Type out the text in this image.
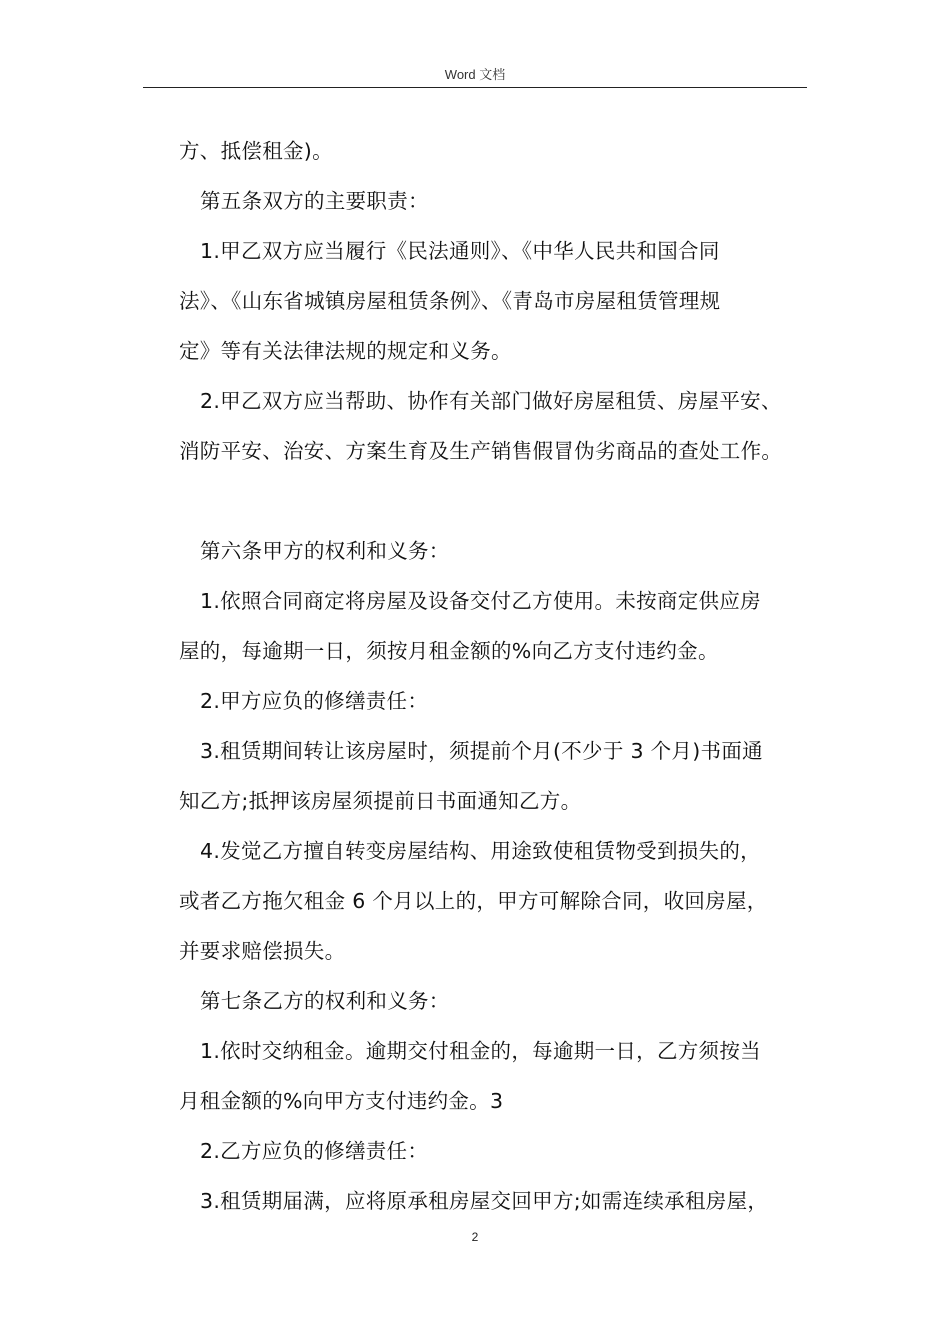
Word 文档
方、抵偿租金)。
第五条双方的主要职责：
1.甲乙双方应当履行《民法通则》、《中华人民共和国合同
法》、《山东省城镇房屋租赁条例》、《青岛市房屋租赁管理规
定》等有关法律法规的规定和义务。
2.甲乙双方应当帮助、协作有关部门做好房屋租赁、房屋平安、
消防平安、治安、方案生育及生产销售假冒伪劣商品的查处工作。
第六条甲方的权利和义务：
1.依照合同商定将房屋及设备交付乙方使用。未按商定供应房
屋的，每逾期一日，须按月租金额的%向乙方支付违约金。
2.甲方应负的修缮责任：
3.租赁期间转让该房屋时，须提前个月(不少于 3 个月)书面通
知乙方;抵押该房屋须提前日书面通知乙方。
4.发觉乙方擅自转变房屋结构、用途致使租赁物受到损失的，
或者乙方拖欠租金 6 个月以上的，甲方可解除合同，收回房屋，
并要求赔偿损失。
第七条乙方的权利和义务：
1.依时交纳租金。逾期交付租金的，每逾期一日，乙方须按当
月租金额的%向甲方支付违约金。3
2.乙方应负的修缮责任：
3.租赁期届满，应将原承租房屋交回甲方;如需连续承租房屋，
2
